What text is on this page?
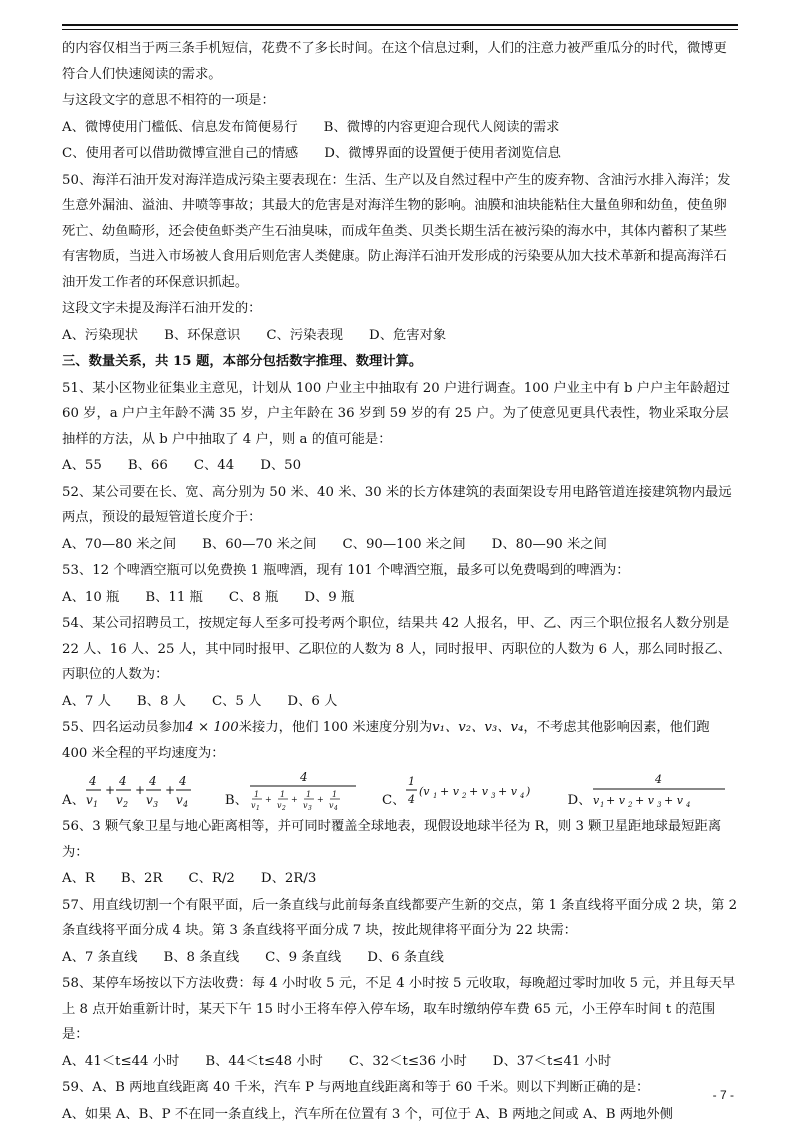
的内容仅相当于两三条手机短信，花费不了多长时间。在这个信息过剩，人们的注意力被严重瓜分的时代，微博更符合人们快速阅读的需求。

与这段文字的意思不相符的一项是：

A、微博使用门槛低、信息发布简便易行 B、微博的内容更迎合现代人阅读的需求

C、使用者可以借助微博宣泄自己的情感 D、微博界面的设置便于使用者浏览信息

50、海洋石油开发对海洋造成污染主要表现在：生活、生产以及自然过程中产生的废弃物、含油污水排入海洋；发生意外漏油、溢油、井喷等事故；其最大的危害是对海洋生物的影响。油膜和油块能粘住大量鱼卵和幼鱼，使鱼卵死亡、幼鱼畸形，还会使鱼虾类产生石油臭味，而成年鱼类、贝类长期生活在被污染的海水中，其体内蓄积了某些有害物质，当进入市场被人食用后则危害人类健康。防止海洋石油开发形成的污染要从加大技术革新和提高海洋石油开发工作者的环保意识抓起。

这段文字未提及海洋石油开发的：

A、污染现状 B、环保意识 C、污染表现 D、危害对象

三、数量关系，共 15 题，本部分包括数字推理、数理计算。

51、某小区物业征集业主意见，计划从 100 户业主中抽取有 20 户进行调查。100 户业主中有 b 户户主年龄超过 60 岁，a 户户主年龄不满 35 岁，户主年龄在 36 岁到 59 岁的有 25 户。为了使意见更具代表性，物业采取分层抽样的方法，从 b 户中抽取了 4 户，则 a 的值可能是：

A、55 B、66 C、44 D、50

52、某公司要在长、宽、高分别为 50 米、40 米、30 米的长方体建筑的表面架设专用电路管道连接建筑物内最远两点，预设的最短管道长度介于：

A、70—80 米之间 B、60—70 米之间 C、90—100 米之间 D、80—90 米之间

53、12 个啤酒空瓶可以免费换 1 瓶啤酒，现有 101 个啤酒空瓶，最多可以免费喝到的啤酒为：

A、10 瓶 B、11 瓶 C、8 瓶 D、9 瓶

54、某公司招聘员工，按规定每人至多可投考两个职位，结果共 42 人报名，甲、乙、丙三个职位报名人数分别是 22 人、16 人、25 人，其中同时报甲、乙职位的人数为 8 人，同时报甲、丙职位的人数为 6 人，那么同时报乙、丙职位的人数为：

A、7 人 B、8 人 C、5 人 D、6 人

55、四名运动员参加4 × 100米接力，他们 100 米速度分别为v₁、v₂、v₃、v₄，不考虑其他影响因素，他们跑 400 米全程的平均速度为：

A、
4
v 1
+
4
v 2
+
4
v 3
+
4
v 4	B、
4
1
v 1
+
1
v 2
+
1
v 3
+
1
v 4
C、
1
4
(v 1 + v 2 + v 3 + v 4 )
D、
4
v 1 + v 2 + v 3 + v 4

56、3 颗气象卫星与地心距离相等，并可同时覆盖全球地表，现假设地球半径为 R，则 3 颗卫星距地球最短距离为：

A、R B、2R C、R/2 D、2R/3

57、用直线切割一个有限平面，后一条直线与此前每条直线都要产生新的交点，第 1 条直线将平面分成 2 块，第 2 条直线将平面分成 4 块。第 3 条直线将平面分成 7 块，按此规律将平面分为 22 块需：

A、7 条直线 B、8 条直线 C、9 条直线 D、6 条直线

58、某停车场按以下方法收费：每 4 小时收 5 元，不足 4 小时按 5 元收取，每晚超过零时加收 5 元，并且每天早上 8 点开始重新计时，某天下午 15 时小王将车停入停车场，取车时缴纳停车费 65 元，小王停车时间 t 的范围是：

A、41＜t≤44 小时 B、44＜t≤48 小时 C、32＜t≤36 小时 D、37＜t≤41 小时

59、A、B 两地直线距离 40 千米，汽车 P 与两地直线距离和等于 60 千米。则以下判断正确的是：

A、如果 A、B、P 不在同一条直线上，汽车所在位置有 3 个，可位于 A、B 两地之间或 A、B 两地外侧

- 7 -
